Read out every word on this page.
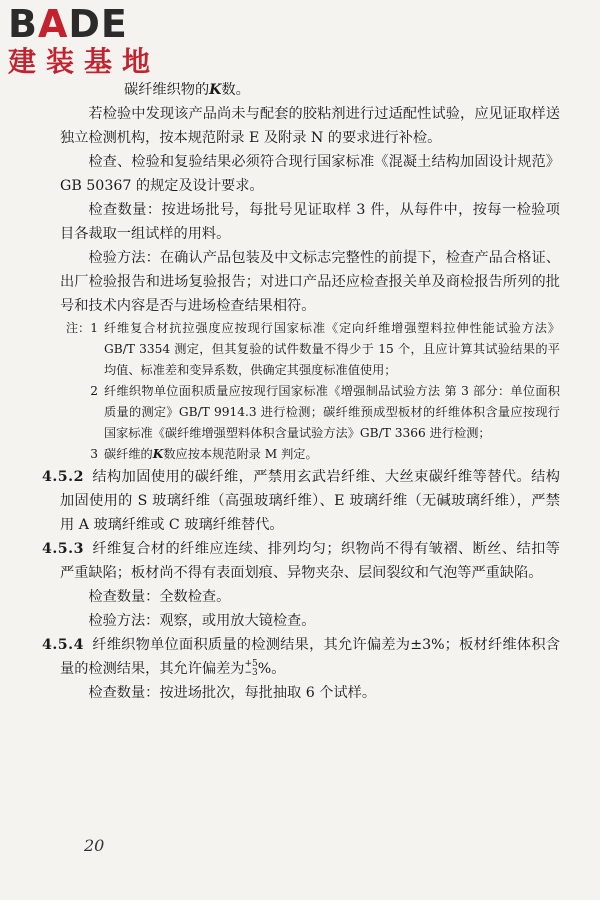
BADE
建装基地

碳纤维织物的K数。

若检验中发现该产品尚未与配套的胶粘剂进行过适配性试验，应见证取样送独立检测机构，按本规范附录 E 及附录 N 的要求进行补检。

检查、检验和复验结果必须符合现行国家标准《混凝土结构加固设计规范》GB 50367 的规定及设计要求。

检查数量：按进场批号，每批号见证取样 3 件，从每件中，按每一检验项目各裁取一组试样的用料。

检验方法：在确认产品包装及中文标志完整性的前提下，检查产品合格证、出厂检验报告和进场复验报告；对进口产品还应检查报关单及商检报告所列的批号和技术内容是否与进场检查结果相符。

注：1 纤维复合材抗拉强度应按现行国家标准《定向纤维增强塑料拉伸性能试验方法》GB/T 3354 测定，但其复验的试件数量不得少于 15 个，且应计算其试验结果的平均值、标准差和变异系数，供确定其强度标准值使用；
2 纤维织物单位面积质量应按现行国家标准《增强制品试验方法 第 3 部分：单位面积质量的测定》GB/T 9914.3 进行检测；碳纤维预成型板材的纤维体积含量应按现行国家标准《碳纤维增强塑料体积含量试验方法》GB/T 3366 进行检测；
3 碳纤维的K数应按本规范附录 M 判定。

4.5.2 结构加固使用的碳纤维，严禁用玄武岩纤维、大丝束碳纤维等替代。结构加固使用的 S 玻璃纤维（高强玻璃纤维）、E 玻璃纤维（无碱玻璃纤维），严禁用 A 玻璃纤维或 C 玻璃纤维替代。

4.5.3 纤维复合材的纤维应连续、排列均匀；织物尚不得有皱褶、断丝、结扣等严重缺陷；板材尚不得有表面划痕、异物夹杂、层间裂纹和气泡等严重缺陷。

检查数量：全数检查。

检验方法：观察，或用放大镜检查。

4.5.4 纤维织物单位面积质量的检测结果，其允许偏差为±3%；板材纤维体积含量的检测结果，其允许偏差为 +5
−3 %。

检查数量：按进场批次，每批抽取 6 个试样。

20
